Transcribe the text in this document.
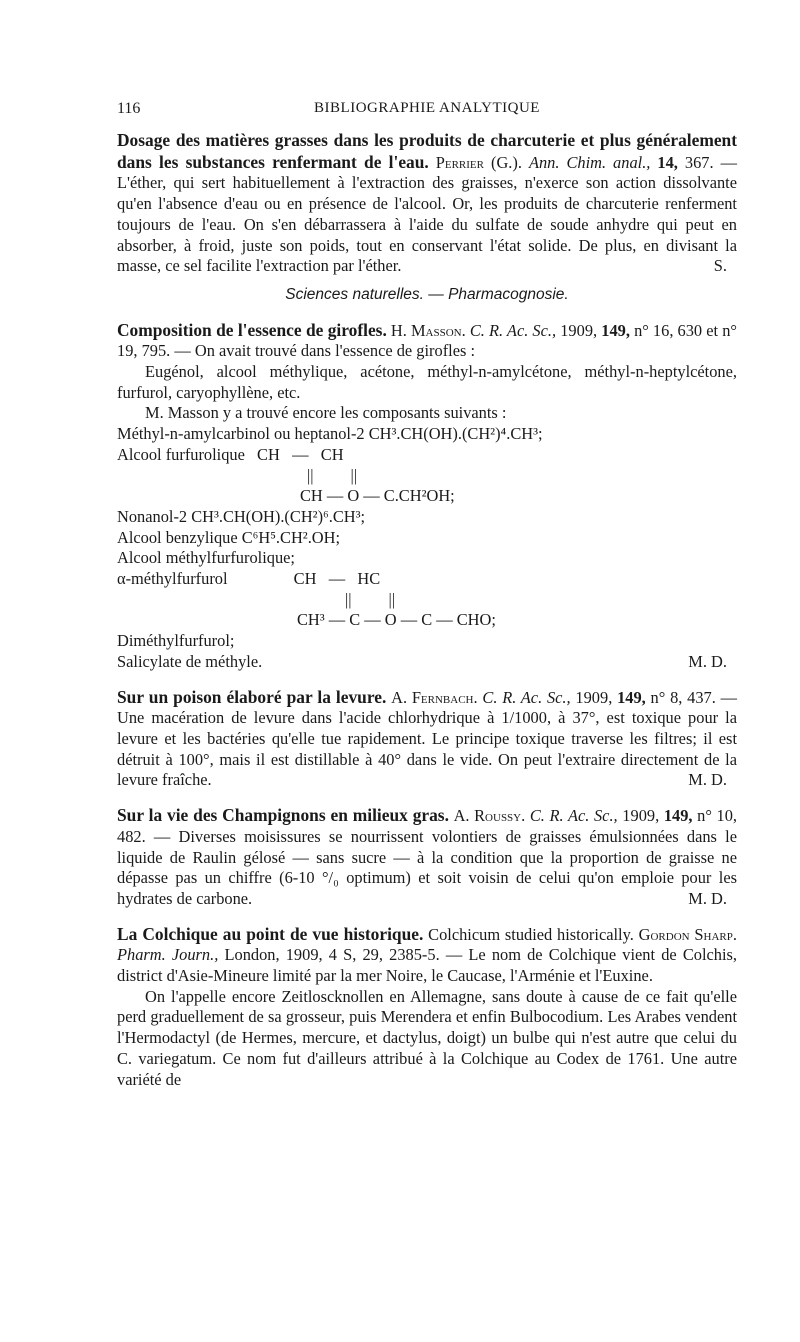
116	BIBLIOGRAPHIE ANALYTIQUE

Dosage des matières grasses dans les produits de charcuterie et plus généralement dans les substances renfermant de l'eau. Perrier (G.). Ann. Chim. anal., 14, 367. — L'éther, qui sert habituellement à l'extraction des graisses, n'exerce son action dissolvante qu'en l'absence d'eau ou en présence de l'alcool. Or, les produits de charcuterie renferment toujours de l'eau. On s'en débarrassera à l'aide du sulfate de soude anhydre qui peut en absorber, à froid, juste son poids, tout en conservant l'état solide. De plus, en divisant la masse, ce sel facilite l'extraction par l'éther.	S.

Sciences naturelles. — Pharmacognosie.

Composition de l'essence de girofles. H. Masson. C. R. Ac. Sc., 1909, 149, n° 16, 630 et n° 19, 795. — On avait trouvé dans l'essence de girofles :

Eugénol, alcool méthylique, acétone, méthyl-n-amylcétone, méthyl-n-heptylcétone, furfurol, caryophyllène, etc.

M. Masson y a trouvé encore les composants suivants :

Méthyl-n-amylcarbinol ou heptanol-2 CH³.CH(OH).(CH²)⁴.CH³;

Alcool furfurolique CH   —   CH
||         ||
CH — O — C.CH²OH;

Nonanol-2 CH³.CH(OH).(CH²)⁶.CH³;

Alcool benzylique C⁶H⁵.CH².OH;

Alcool méthylfurfurolique;

α-méthylfurfurol	CH   —   HC
||         ||
CH³ — C — O — C — CHO;

Diméthylfurfurol;

Salicylate de méthyle.	M. D.

Sur un poison élaboré par la levure. A. Fernbach. C. R. Ac. Sc., 1909, 149, n° 8, 437. — Une macération de levure dans l'acide chlorhydrique à 1/1000, à 37°, est toxique pour la levure et les bactéries qu'elle tue rapidement. Le principe toxique traverse les filtres; il est détruit à 100°, mais il est distillable à 40° dans le vide. On peut l'extraire directement de la levure fraîche.	M. D.

Sur la vie des Champignons en milieux gras. A. Roussy. C. R. Ac. Sc., 1909, 149, n° 10, 482. — Diverses moisissures se nourrissent volontiers de graisses émulsionnées dans le liquide de Raulin gélosé — sans sucre — à la condition que la proportion de graisse ne dépasse pas un chiffre (6-10 °/₀ optimum) et soit voisin de celui qu'on emploie pour les hydrates de carbone.	M. D.

La Colchique au point de vue historique. Colchicum studied historically. Gordon Sharp. Pharm. Journ., London, 1909, 4 S, 29, 2385-5. — Le nom de Colchique vient de Colchis, district d'Asie-Mineure limité par la mer Noire, le Caucase, l'Arménie et l'Euxine.

On l'appelle encore Zeitloscknollen en Allemagne, sans doute à cause de ce fait qu'elle perd graduellement de sa grosseur, puis Merendera et enfin Bulbocodium. Les Arabes vendent l'Hermodactyl (de Hermes, mercure, et dactylus, doigt) un bulbe qui n'est autre que celui du C. variegatum. Ce nom fut d'ailleurs attribué à la Colchique au Codex de 1761. Une autre variété de
